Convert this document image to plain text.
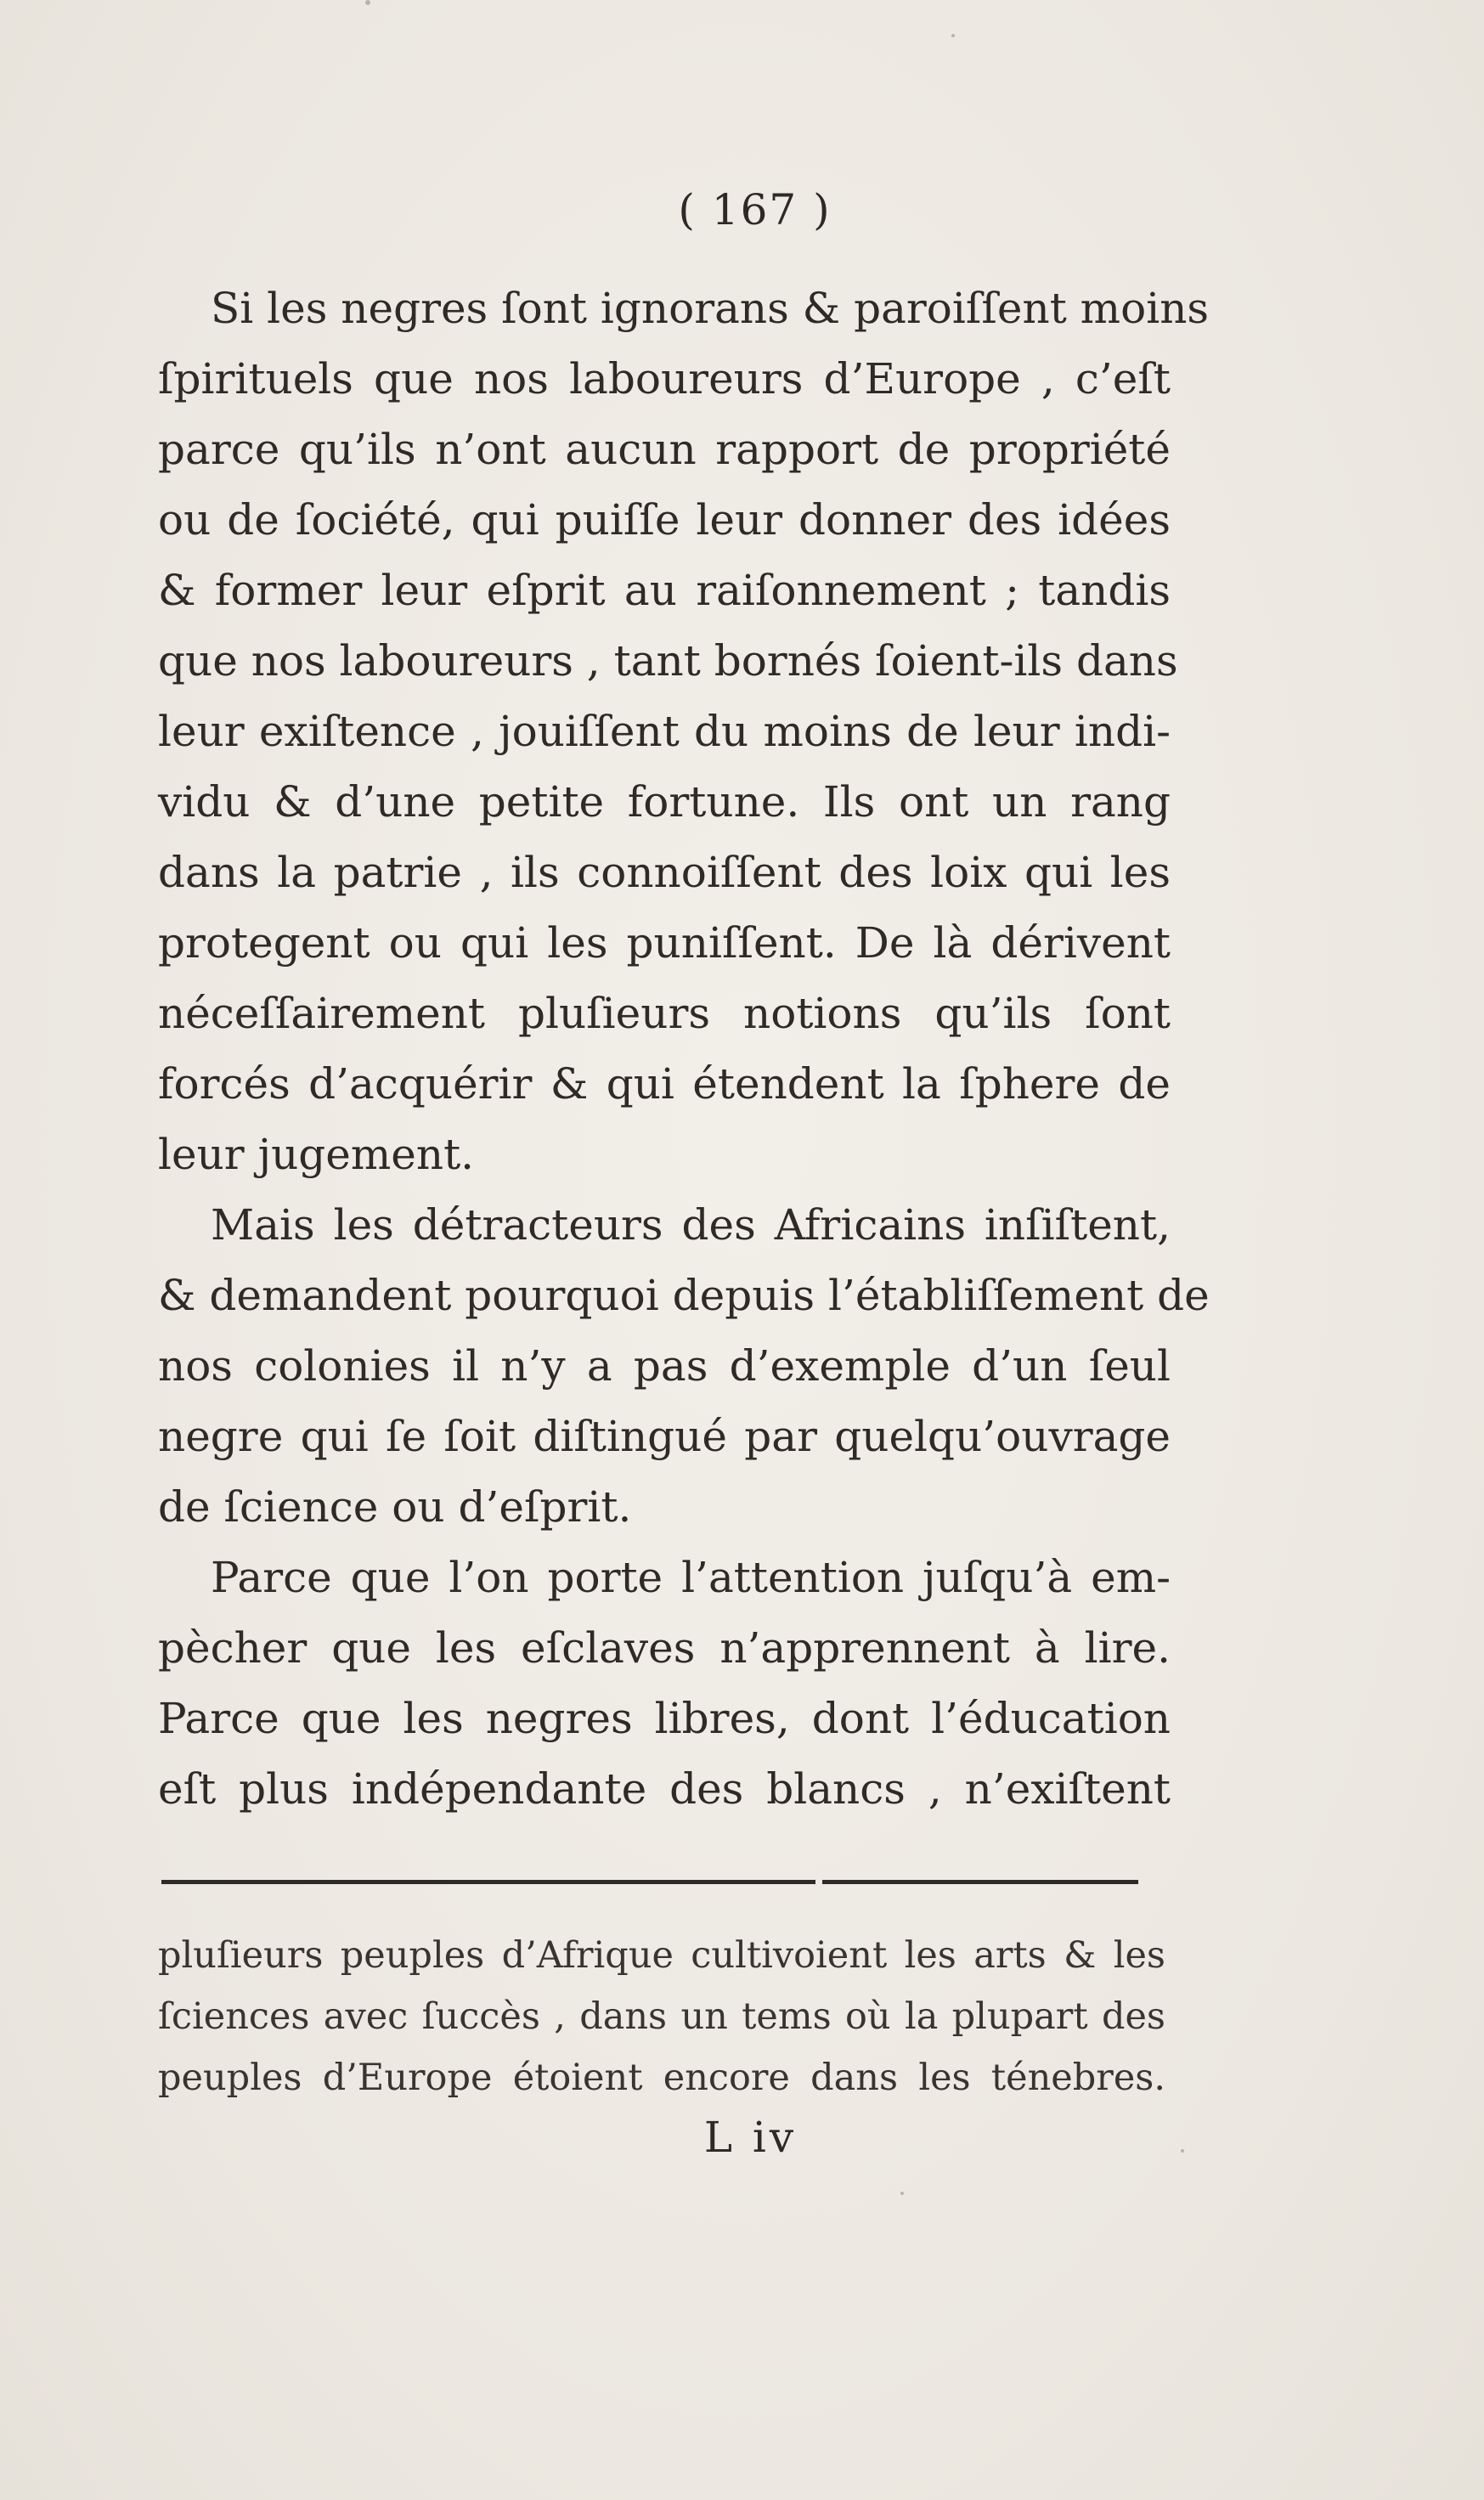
( 167 )
Si les negres ſont ignorans & paroiſſent moins
ſpirituels que nos laboureurs d’Europe , c’eſt
parce qu’ils n’ont aucun rapport de propriété
ou de ſociété, qui puiſſe leur donner des idées
& former leur eſprit au raiſonnement ; tandis
que nos laboureurs , tant bornés ſoient-ils dans
leur exiſtence , jouiſſent du moins de leur indi-
vidu & d’une petite fortune. Ils ont un rang
dans la patrie , ils connoiſſent des loix qui les
protegent ou qui les puniſſent. De là dérivent
néceſſairement pluſieurs notions qu’ils ſont
forcés d’acquérir & qui étendent la ſphere de
leur jugement.
Mais les détracteurs des Africains inſiſtent,
& demandent pourquoi depuis l’établiſſement de
nos colonies il n’y a pas d’exemple d’un ſeul
negre qui ſe ſoit diſtingué par quelqu’ouvrage
de ſcience ou d’eſprit.
Parce que l’on porte l’attention juſqu’à em-
pècher que les eſclaves n’apprennent à lire.
Parce que les negres libres, dont l’éducation
eſt plus indépendante des blancs , n’exiſtent
pluſieurs peuples d’Afrique cultivoient les arts & les
ſciences avec ſuccès , dans un tems où la plupart des
peuples d’Europe étoient encore dans les ténebres.
L iv
